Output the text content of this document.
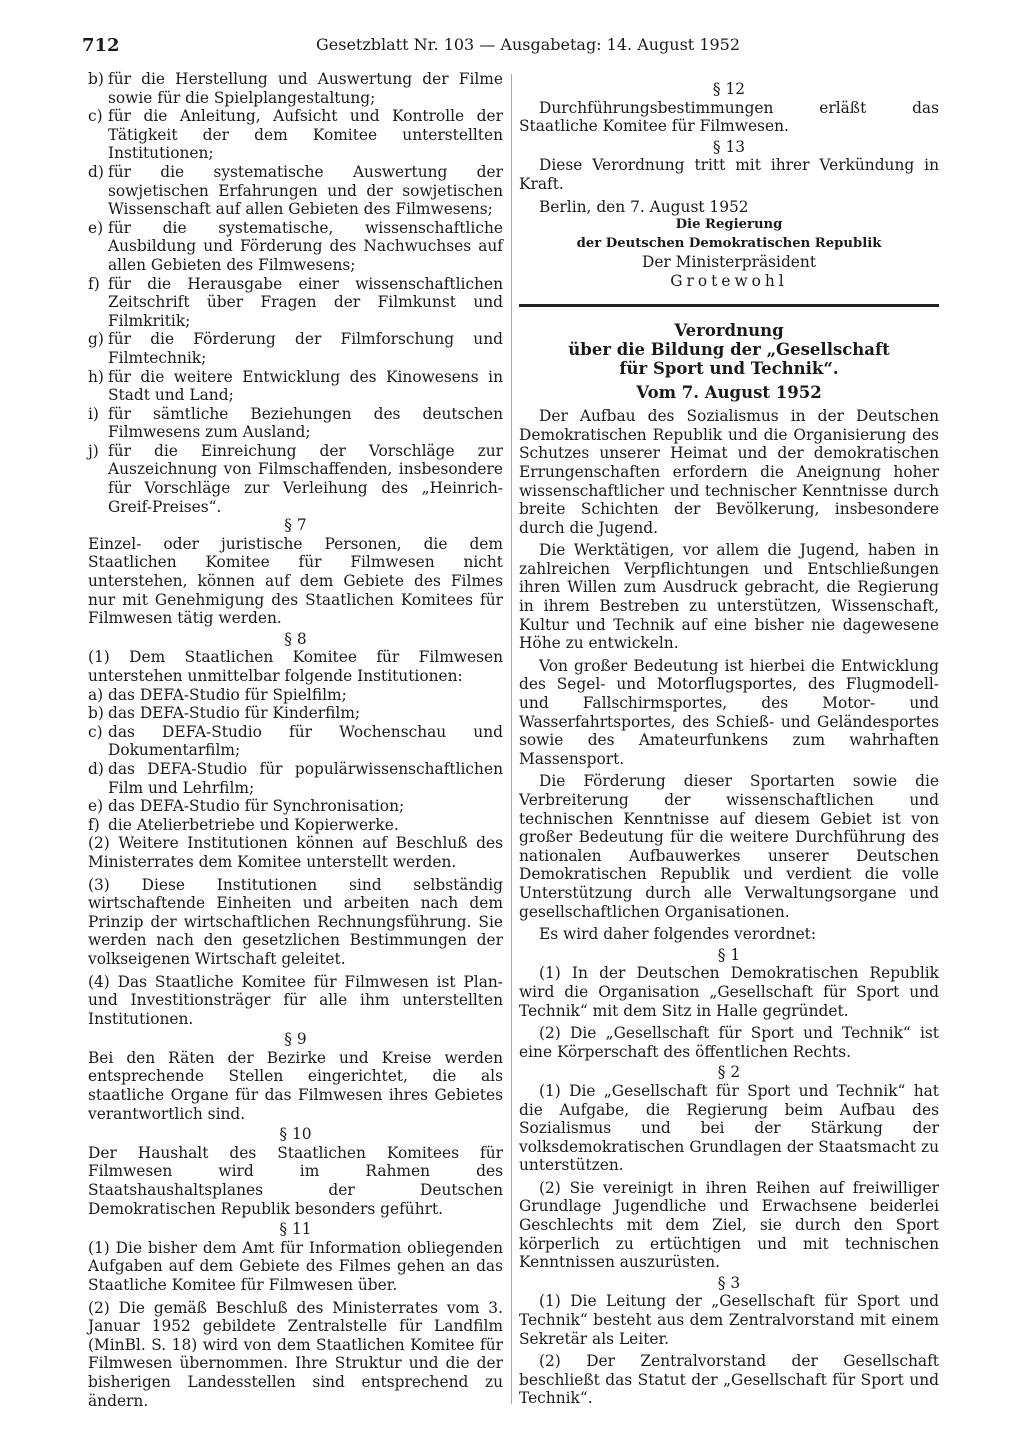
712	Gesetzblatt Nr. 103 — Ausgabetag: 14. August 1952
b) für die Herstellung und Auswertung der Filme sowie für die Spielplangestaltung;
c) für die Anleitung, Aufsicht und Kontrolle der Tätigkeit der dem Komitee unterstellten Institutionen;
d) für die systematische Auswertung der sowjetischen Erfahrungen und der sowjetischen Wissenschaft auf allen Gebieten des Filmwesens;
e) für die systematische, wissenschaftliche Ausbildung und Förderung des Nachwuchses auf allen Gebieten des Filmwesens;
f) für die Herausgabe einer wissenschaftlichen Zeitschrift über Fragen der Filmkunst und Filmkritik;
g) für die Förderung der Filmforschung und Filmtechnik;
h) für die weitere Entwicklung des Kinowesens in Stadt und Land;
i) für sämtliche Beziehungen des deutschen Filmwesens zum Ausland;
j) für die Einreichung der Vorschläge zur Auszeichnung von Filmschaffenden, insbesondere für Vorschläge zur Verleihung des „Heinrich-Greif-Preises“.

§ 7

Einzel- oder juristische Personen, die dem Staatlichen Komitee für Filmwesen nicht unterstehen, können auf dem Gebiete des Filmes nur mit Genehmigung des Staatlichen Komitees für Filmwesen tätig werden.

§ 8

(1) Dem Staatlichen Komitee für Filmwesen unterstehen unmittelbar folgende Institutionen:

a) das DEFA-Studio für Spielfilm;
b) das DEFA-Studio für Kinderfilm;
c) das DEFA-Studio für Wochenschau und Dokumentarfilm;
d) das DEFA-Studio für populärwissenschaftlichen Film und Lehrfilm;
e) das DEFA-Studio für Synchronisation;
f) die Atelierbetriebe und Kopierwerke.

(2) Weitere Institutionen können auf Beschluß des Ministerrates dem Komitee unterstellt werden.

(3) Diese Institutionen sind selbständig wirtschaftende Einheiten und arbeiten nach dem Prinzip der wirtschaftlichen Rechnungsführung. Sie werden nach den gesetzlichen Bestimmungen der volkseigenen Wirtschaft geleitet.

(4) Das Staatliche Komitee für Filmwesen ist Plan- und Investitionsträger für alle ihm unterstellten Institutionen.

§ 9

Bei den Räten der Bezirke und Kreise werden entsprechende Stellen eingerichtet, die als staatliche Organe für das Filmwesen ihres Gebietes verantwortlich sind.

§ 10

Der Haushalt des Staatlichen Komitees für Filmwesen wird im Rahmen des Staatshaushaltsplanes der Deutschen Demokratischen Republik besonders geführt.

§ 11

(1) Die bisher dem Amt für Information obliegenden Aufgaben auf dem Gebiete des Filmes gehen an das Staatliche Komitee für Filmwesen über.

(2) Die gemäß Beschluß des Ministerrates vom 3. Januar 1952 gebildete Zentralstelle für Landfilm (MinBl. S. 18) wird von dem Staatlichen Komitee für Filmwesen übernommen. Ihre Struktur und die der bisherigen Landesstellen sind entsprechend zu ändern.

§ 12

Durchführungsbestimmungen erläßt das Staatliche Komitee für Filmwesen.

§ 13

Diese Verordnung tritt mit ihrer Verkündung in Kraft.

Berlin, den 7. August 1952

Die Regierung

der Deutschen Demokratischen Republik

Der Ministerpräsident

Grotewohl

Verordnung

über die Bildung der „Gesellschaft

für Sport und Technik“.

Vom 7. August 1952

Der Aufbau des Sozialismus in der Deutschen Demokratischen Republik und die Organisierung des Schutzes unserer Heimat und der demokratischen Errungenschaften erfordern die Aneignung hoher wissenschaftlicher und technischer Kenntnisse durch breite Schichten der Bevölkerung, insbesondere durch die Jugend.

Die Werktätigen, vor allem die Jugend, haben in zahlreichen Verpflichtungen und Entschließungen ihren Willen zum Ausdruck gebracht, die Regierung in ihrem Bestreben zu unterstützen, Wissenschaft, Kultur und Technik auf eine bisher nie dagewesene Höhe zu entwickeln.

Von großer Bedeutung ist hierbei die Entwicklung des Segel- und Motorflugsportes, des Flugmodell- und Fallschirmsportes, des Motor- und Wasserfahrtsportes, des Schieß- und Geländesportes sowie des Amateurfunkens zum wahrhaften Massensport.

Die Förderung dieser Sportarten sowie die Verbreiterung der wissenschaftlichen und technischen Kenntnisse auf diesem Gebiet ist von großer Bedeutung für die weitere Durchführung des nationalen Aufbauwerkes unserer Deutschen Demokratischen Republik und verdient die volle Unterstützung durch alle Verwaltungsorgane und gesellschaftlichen Organisationen.

Es wird daher folgendes verordnet:

§ 1

(1) In der Deutschen Demokratischen Republik wird die Organisation „Gesellschaft für Sport und Technik“ mit dem Sitz in Halle gegründet.

(2) Die „Gesellschaft für Sport und Technik“ ist eine Körperschaft des öffentlichen Rechts.

§ 2

(1) Die „Gesellschaft für Sport und Technik“ hat die Aufgabe, die Regierung beim Aufbau des Sozialismus und bei der Stärkung der volksdemokratischen Grundlagen der Staatsmacht zu unterstützen.

(2) Sie vereinigt in ihren Reihen auf freiwilliger Grundlage Jugendliche und Erwachsene beiderlei Geschlechts mit dem Ziel, sie durch den Sport körperlich zu ertüchtigen und mit technischen Kenntnissen auszurüsten.

§ 3

(1) Die Leitung der „Gesellschaft für Sport und Technik“ besteht aus dem Zentralvorstand mit einem Sekretär als Leiter.

(2) Der Zentralvorstand der Gesellschaft beschließt das Statut der „Gesellschaft für Sport und Technik“.
